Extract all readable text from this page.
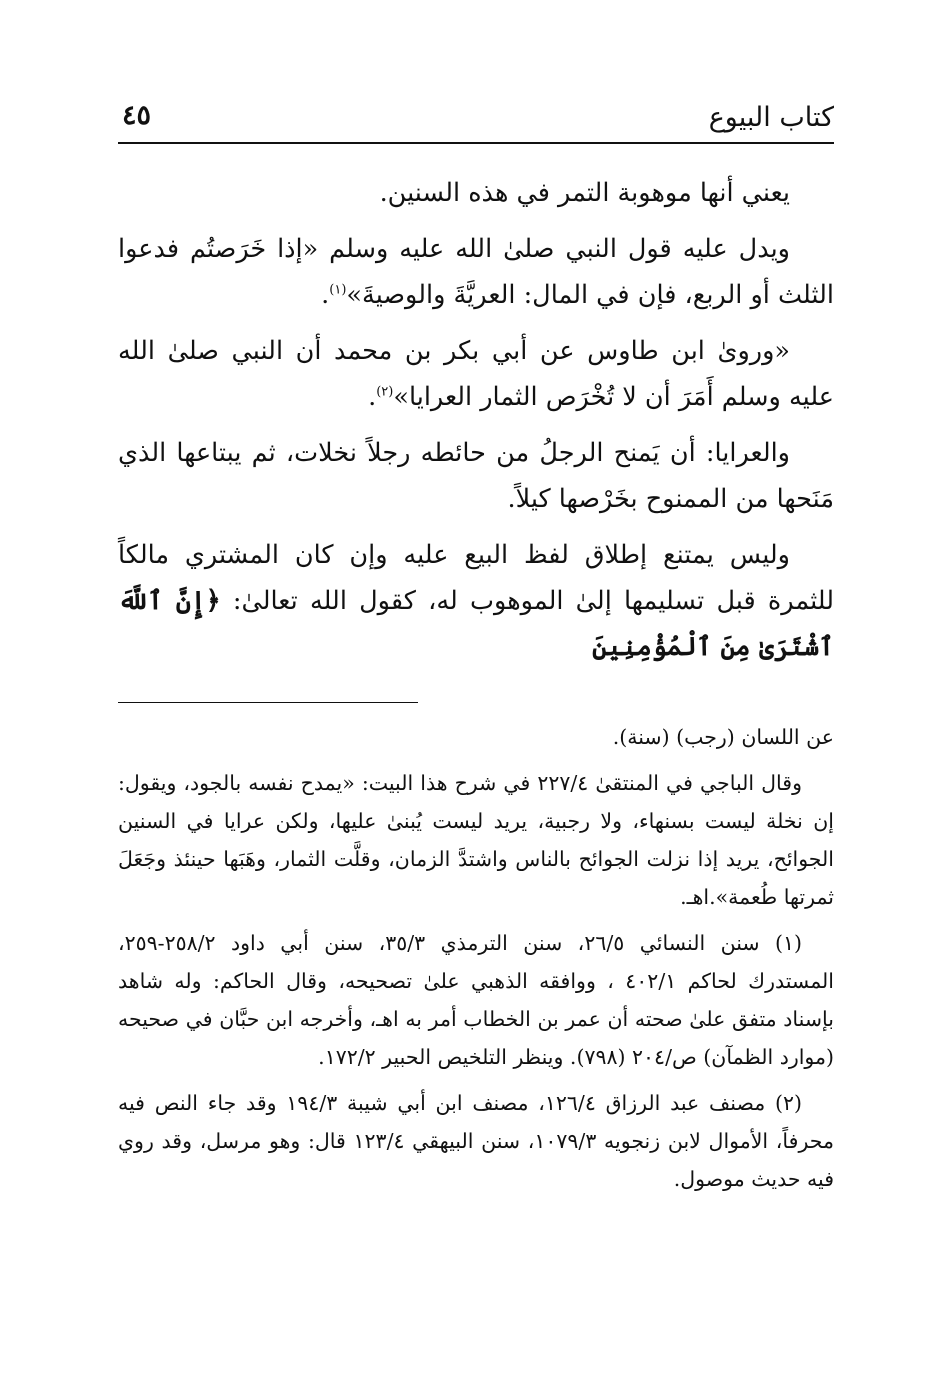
كتاب البيوع
٤٥

يعني أنها موهوبة التمر في هذه السنين.

ويدل عليه قول النبي صلىٰ الله عليه وسلم «إذا خَرَصتُم فدعوا الثلث أو الربع، فإن في المال: العريَّةَ والوصيةَ»$^{(١)}$.

«وروىٰ ابن طاوس عن أبي بكر بن محمد أن النبي صلىٰ الله عليه وسلم أَمَرَ أن لا تُخْرَص الثمار العرايا»$^{(٢)}$.

والعرايا: أن يَمنح الرجلُ من حائطه رجلاً نخلات، ثم يبتاعها الذي مَنَحها من الممنوح بخَرْصها كيلاً.

وليس يمتنع إطلاق لفظ البيع عليه وإن كان المشتري مالكاً للثمرة قبل تسليمها إلىٰ الموهوب له، كقول الله تعالىٰ: ﴿إِنَّ ٱللَّهَ ٱشْتَرَىٰ مِنَ ٱلْمُؤْمِنِينَ

عن اللسان (رجب) (سنة).

وقال الباجي في المنتقىٰ ٢٢٧/٤ في شرح هذا البيت: «يمدح نفسه بالجود، ويقول: إن نخلة ليست بسنهاء، ولا رجبية، يريد ليست يُبنىٰ عليها، ولكن عرايا في السنين الجوائح، يريد إذا نزلت الجوائح بالناس واشتدَّ الزمان، وقلَّت الثمار، وهَبَها حينئذ وجَعَلَ ثمرتها طُعمة».اهـ.

(١) سنن النسائي ٢٦/٥، سنن الترمذي ٣٥/٣، سنن أبي داود ٢٥٨/٢-٢٥٩، المستدرك لحاكم ٤٠٢/١ ، ووافقه الذهبي علىٰ تصحيحه، وقال الحاكم: وله شاهد بإسناد متفق علىٰ صحته أن عمر بن الخطاب أمر به اهـ، وأخرجه ابن حبَّان في صحيحه (موارد الظمآن) ص/٢٠٤ (٧٩٨). وينظر التلخيص الحبير ١٧٢/٢.

(٢) مصنف عبد الرزاق ١٢٦/٤، مصنف ابن أبي شيبة ١٩٤/٣ وقد جاء النص فيه محرفاً، الأموال لابن زنجويه ١٠٧٩/٣، سنن البيهقي ١٢٣/٤ قال: وهو مرسل، وقد روي فيه حديث موصول.
